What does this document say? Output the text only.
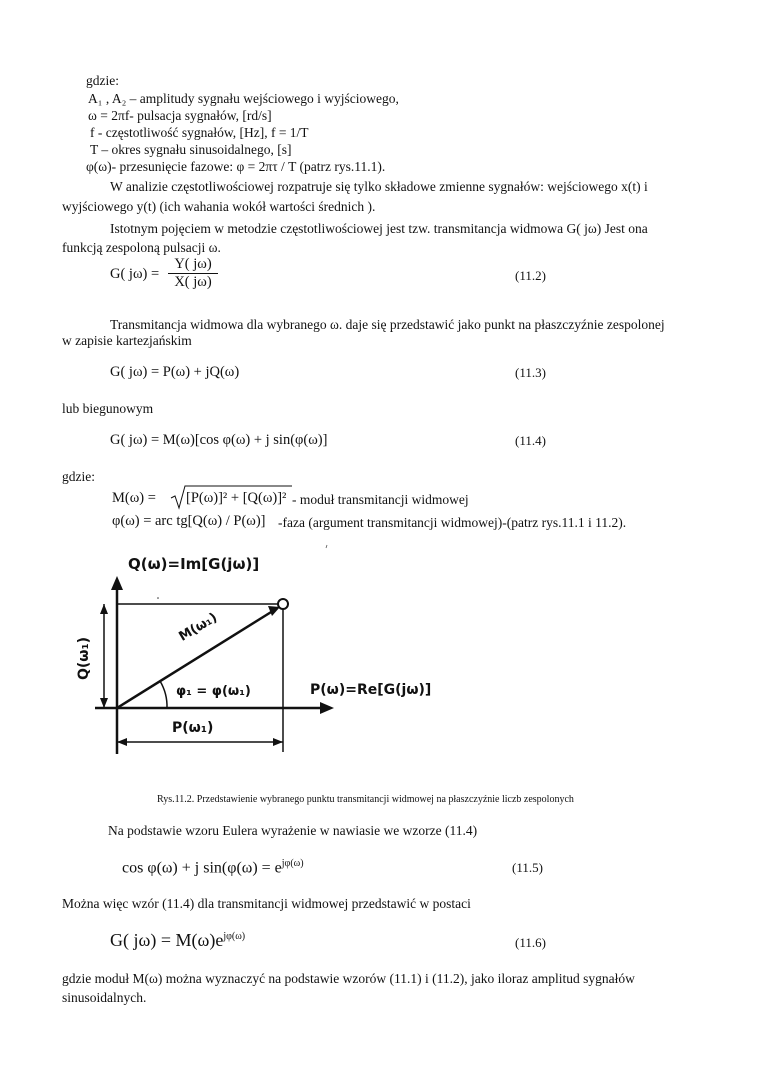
gdzie:
A₁ , A₂ – amplitudy sygnału wejściowego i wyjściowego,
ω = 2πf- pulsacja sygnałów, [rd/s]
f - częstotliwość sygnałów, [Hz], f = 1/T
T – okres sygnału sinusoidalnego, [s]
φ(ω)- przesunięcie fazowe: φ = 2πτ / T (patrz rys.11.1).
W analizie częstotliwościowej rozpatruje się tylko składowe zmienne sygnałów: wejściowego x(t) i
wyjściowego y(t) (ich wahania wokół wartości średnich ).
Istotnym pojęciem w metodzie częstotliwościowej jest tzw. transmitancja widmowa G( jω) Jest ona
funkcją zespoloną pulsacji ω.
G( $j\omega) = \frac{Y( j\omega)}{X( j\omega)}$	(11.2)
Transmitancja widmowa dla wybranego ω. daje się przedstawić jako punkt na płaszczyźnie zespolonej
w zapisie kartezjańskim
G( jω) = P(ω) + jQ(ω)	(11.3)
lub biegunowym
G( jω) = M(ω)[cos φ(ω) + j sin(φ(ω)]	(11.4)
gdzie:
M(ω) = [P(ω)]² + [Q(ω)]² - moduł transmitancji widmowej
φ(ω) = arc tg[Q(ω) / P(ω)] -faza (argument transmitancji widmowej)-(patrz rys.11.1 i 11.2).
Q(ω)=Im[G(jω)]
P(ω)=Re[G(jω)]
M(ω₁)
φ₁ = φ(ω₁)
P(ω₁)
Q(ω₁)
Rys.11.2. Przedstawienie wybranego punktu transmitancji widmowej na płaszczyźnie liczb zespolonych
Na podstawie wzoru Eulera wyrażenie w nawiasie we wzorze (11.4)
cos φ(ω) + j $\sin(\varphi(\omega) = e^{j\varphi(\omega)}$	(11.5)
Można więc wzór (11.4) dla transmitancji widmowej przedstawić w postaci
G( $j\omega) = M(\omega)e^{j\varphi(\omega)}$	(11.6)
gdzie moduł M(ω) można wyznaczyć na podstawie wzorów (11.1) i (11.2), jako iloraz amplitud sygnałów
sinusoidalnych.
